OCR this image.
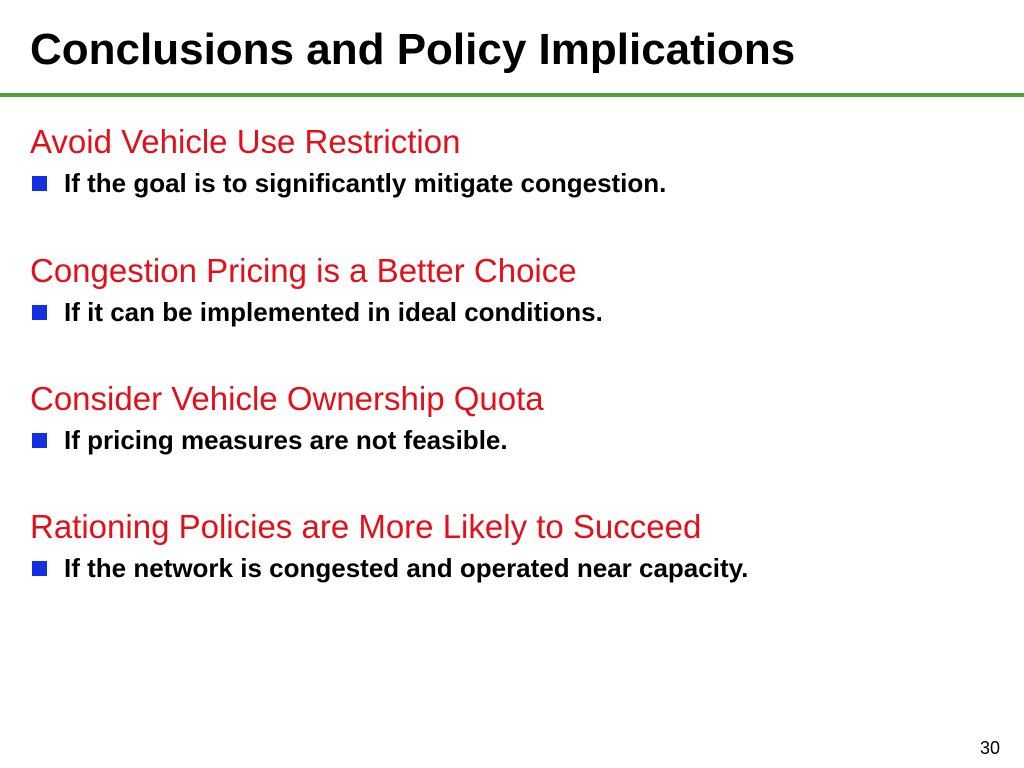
Conclusions and Policy Implications
Avoid Vehicle Use Restriction
If the goal is to significantly mitigate congestion.
Congestion Pricing is a Better Choice
If it can be implemented in ideal conditions.
Consider Vehicle Ownership Quota
If pricing measures are not feasible.
Rationing Policies are More Likely to Succeed
If the network is congested and operated near capacity.
30
